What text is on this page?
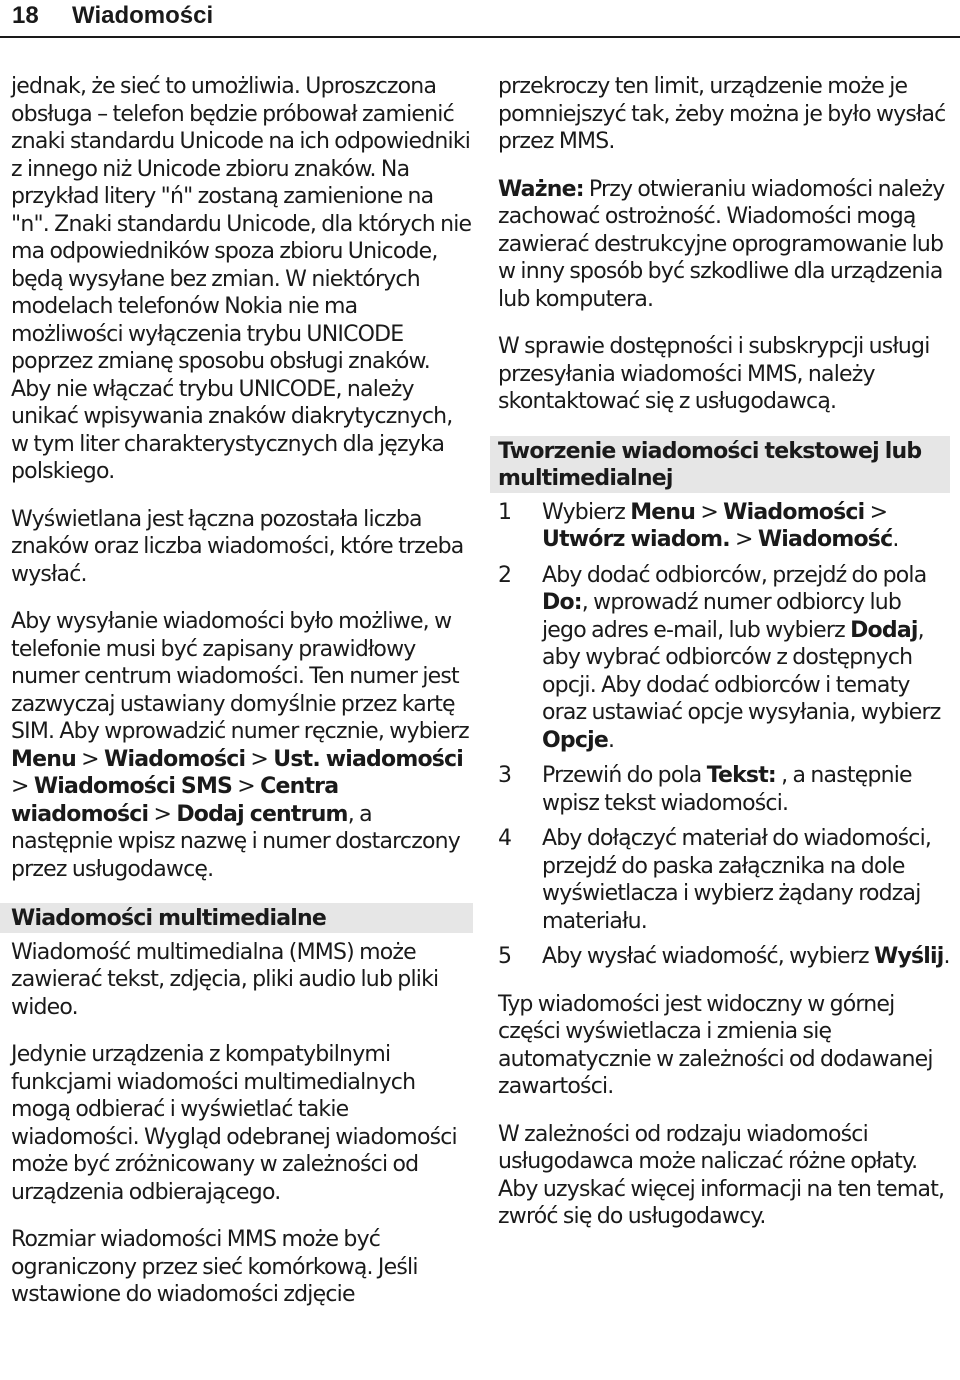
18 Wiadomości

jednak, że sieć to umożliwia. Uproszczona obsługa – telefon będzie próbował zamienić znaki standardu Unicode na ich odpowiedniki z innego niż Unicode zbioru znaków. Na przykład litery "ń" zostaną zamienione na "n". Znaki standardu Unicode, dla których nie ma odpowiedników spoza zbioru Unicode, będą wysyłane bez zmian. W niektórych modelach telefonów Nokia nie ma możliwości wyłączenia trybu UNICODE poprzez zmianę sposobu obsługi znaków. Aby nie włączać trybu UNICODE, należy unikać wpisywania znaków diakrytycznych, w tym liter charakterystycznych dla języka polskiego.

Wyświetlana jest łączna pozostała liczba znaków oraz liczba wiadomości, które trzeba wysłać.

Aby wysyłanie wiadomości było możliwe, w telefonie musi być zapisany prawidłowy numer centrum wiadomości. Ten numer jest zazwyczaj ustawiany domyślnie przez kartę SIM. Aby wprowadzić numer ręcznie, wybierz Menu > Wiadomości > Ust. wiadomości > Wiadomości SMS > Centra wiadomości > Dodaj centrum, a następnie wpisz nazwę i numer dostarczony przez usługodawcę.

Wiadomości multimedialne

Wiadomość multimedialna (MMS) może zawierać tekst, zdjęcia, pliki audio lub pliki wideo.

Jedynie urządzenia z kompatybilnymi funkcjami wiadomości multimedialnych mogą odbierać i wyświetlać takie wiadomości. Wygląd odebranej wiadomości może być zróżnicowany w zależności od urządzenia odbierającego.

Rozmiar wiadomości MMS może być ograniczony przez sieć komórkową. Jeśli wstawione do wiadomości zdjęcie

przekroczy ten limit, urządzenie może je pomniejszyć tak, żeby można je było wysłać przez MMS.

Ważne: Przy otwieraniu wiadomości należy zachować ostrożność. Wiadomości mogą zawierać destrukcyjne oprogramowanie lub w inny sposób być szkodliwe dla urządzenia lub komputera.

W sprawie dostępności i subskrypcji usługi przesyłania wiadomości MMS, należy skontaktować się z usługodawcą.

Tworzenie wiadomości tekstowej lub multimedialnej
1 Wybierz Menu > Wiadomości > Utwórz wiadom. > Wiadomość.
2 Aby dodać odbiorców, przejdź do pola Do:, wprowadź numer odbiorcy lub jego adres e-mail, lub wybierz Dodaj, aby wybrać odbiorców z dostępnych opcji. Aby dodać odbiorców i tematy oraz ustawiać opcje wysyłania, wybierz Opcje.
3 Przewiń do pola Tekst: , a następnie wpisz tekst wiadomości.
4 Aby dołączyć materiał do wiadomości, przejdź do paska załącznika na dole wyświetlacza i wybierz żądany rodzaj materiału.
5 Aby wysłać wiadomość, wybierz Wyślij.

Typ wiadomości jest widoczny w górnej części wyświetlacza i zmienia się automatycznie w zależności od dodawanej zawartości.

W zależności od rodzaju wiadomości usługodawca może naliczać różne opłaty. Aby uzyskać więcej informacji na ten temat, zwróć się do usługodawcy.
